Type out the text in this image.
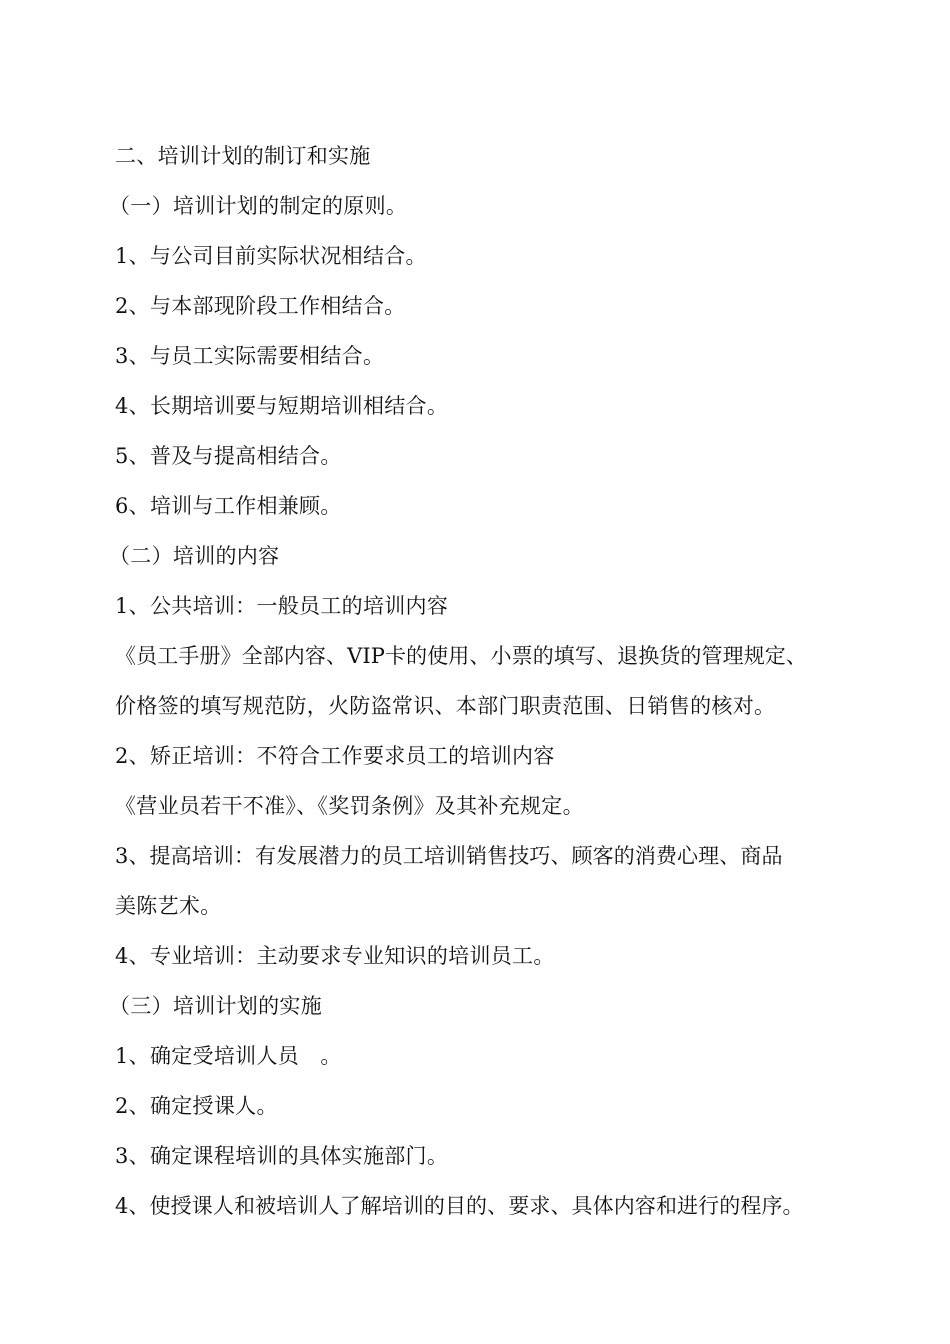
二、培训计划的制订和实施
（一）培训计划的制定的原则。
1、与公司目前实际状况相结合。
2、与本部现阶段工作相结合。
3、与员工实际需要相结合。
4、长期培训要与短期培训相结合。
5、普及与提高相结合。
6、培训与工作相兼顾。
（二）培训的内容
1、公共培训：一般员工的培训内容
《员工手册》全部内容、VIP卡的使用、小票的填写、退换货的管理规定、
价格签的填写规范防，火防盗常识、本部门职责范围、日销售的核对。
2、矫正培训：不符合工作要求员工的培训内容
《营业员若干不准》、《奖罚条例》及其补充规定。
3、提高培训：有发展潜力的员工培训销售技巧、顾客的消费心理、商品
美陈艺术。
4、专业培训：主动要求专业知识的培训员工。
（三）培训计划的实施
1、确定受培训人员　。
2、确定授课人。
3、确定课程培训的具体实施部门。
4、使授课人和被培训人了解培训的目的、要求、具体内容和进行的程序。
